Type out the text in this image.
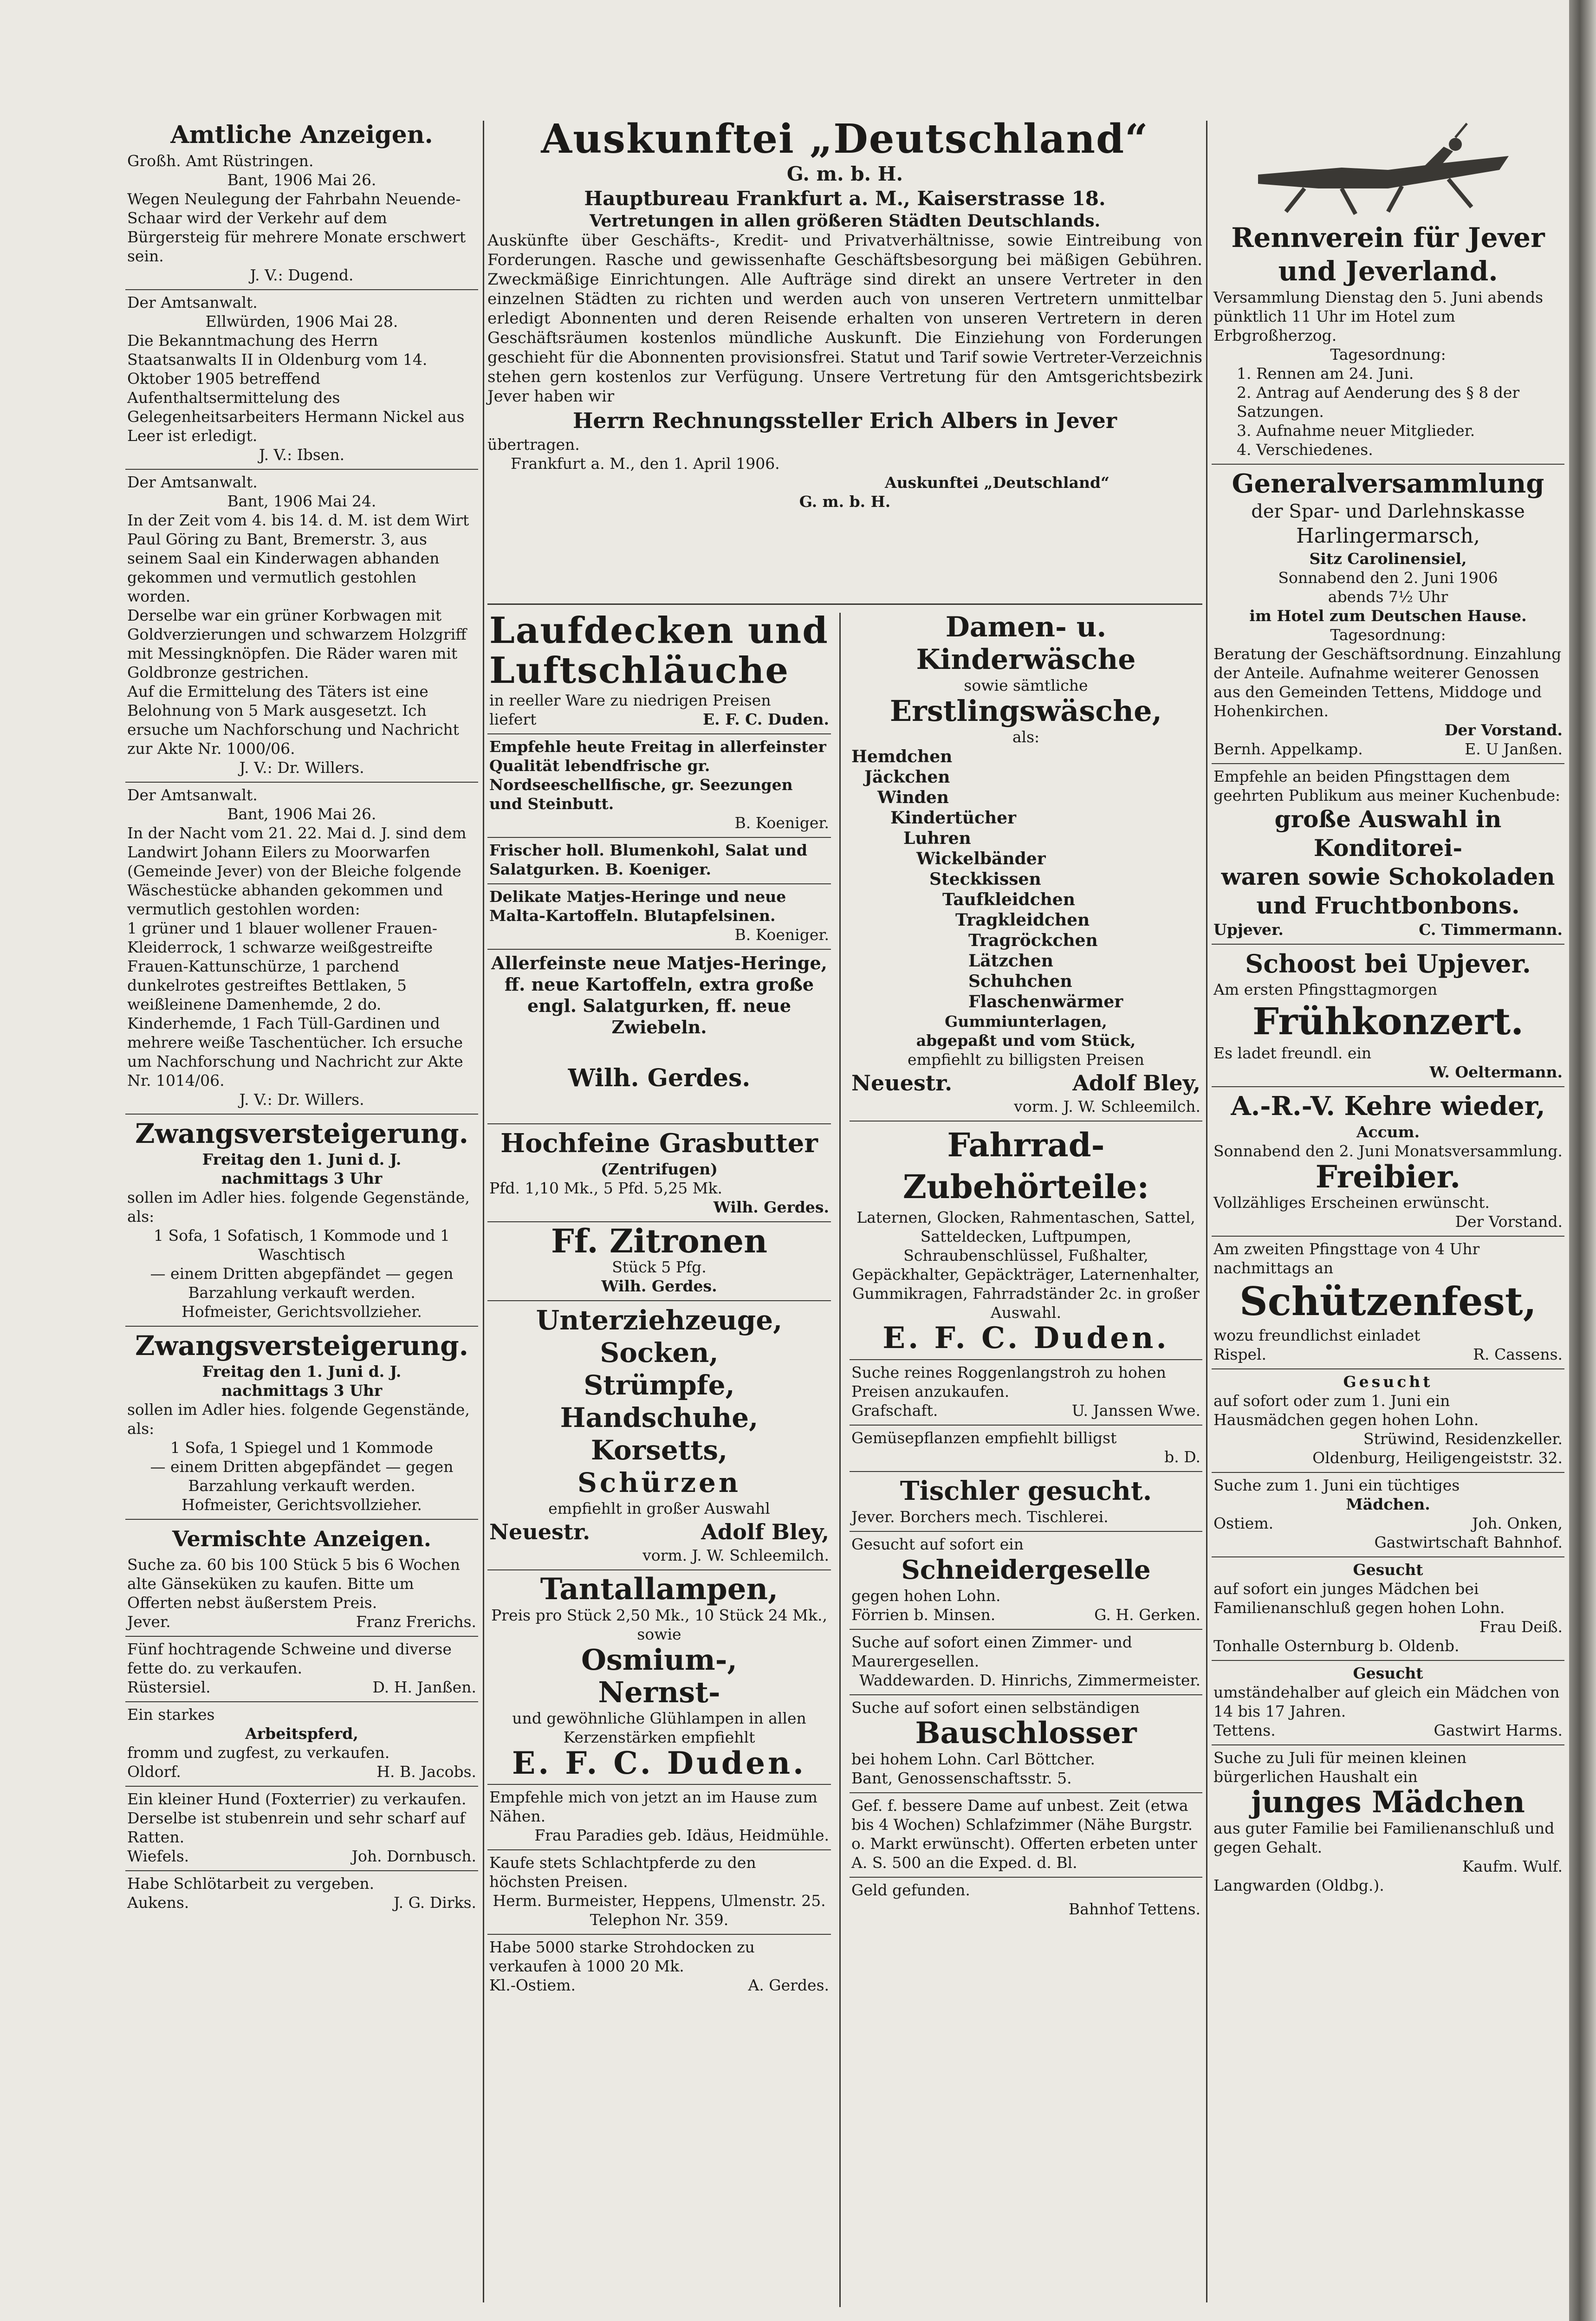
Amtliche Anzeigen.

Großh. Amt Rüstringen.

Bant, 1906 Mai 26.

Wegen Neulegung der Fahrbahn Neuende-Schaar wird der Verkehr auf dem Bürgersteig für mehrere Monate erschwert sein.

J. V.: Dugend.

Der Amtsanwalt.

Ellwürden, 1906 Mai 28.

Die Bekanntmachung des Herrn Staatsanwalts II in Oldenburg vom 14. Oktober 1905 betreffend Aufenthaltsermittelung des Gelegenheitsarbeiters Hermann Nickel aus Leer ist erledigt.

J. V.: Ibsen.

Der Amtsanwalt.

Bant, 1906 Mai 24.

In der Zeit vom 4. bis 14. d. M. ist dem Wirt Paul Göring zu Bant, Bremerstr. 3, aus seinem Saal ein Kinderwagen abhanden gekommen und vermutlich gestohlen worden.

Derselbe war ein grüner Korbwagen mit Goldverzierungen und schwarzem Holzgriff mit Messingknöpfen. Die Räder waren mit Goldbronze gestrichen.

Auf die Ermittelung des Täters ist eine Belohnung von 5 Mark ausgesetzt. Ich ersuche um Nachforschung und Nachricht zur Akte Nr. 1000/06.

J. V.: Dr. Willers.

Der Amtsanwalt.

Bant, 1906 Mai 26.

In der Nacht vom 21. 22. Mai d. J. sind dem Landwirt Johann Eilers zu Moorwarfen (Gemeinde Jever) von der Bleiche folgende Wäschestücke abhanden gekommen und vermutlich gestohlen worden:

1 grüner und 1 blauer wollener Frauen-Kleiderrock, 1 schwarze weißgestreifte Frauen-Kattunschürze, 1 parchend dunkelrotes gestreiftes Bettlaken, 5 weißleinene Damenhemde, 2 do. Kinderhemde, 1 Fach Tüll-Gardinen und mehrere weiße Taschentücher. Ich ersuche um Nachforschung und Nachricht zur Akte Nr. 1014/06.

J. V.: Dr. Willers.

Zwangsversteigerung.

Freitag den 1. Juni d. J.

nachmittags 3 Uhr

sollen im Adler hies. folgende Gegenstände, als:

1 Sofa, 1 Sofatisch, 1 Kommode und 1 Waschtisch

— einem Dritten abgepfändet — gegen Barzahlung verkauft werden.

Hofmeister, Gerichtsvollzieher.

Zwangsversteigerung.

Freitag den 1. Juni d. J.

nachmittags 3 Uhr

sollen im Adler hies. folgende Gegenstände, als:

1 Sofa, 1 Spiegel und 1 Kommode

— einem Dritten abgepfändet — gegen Barzahlung verkauft werden.

Hofmeister, Gerichtsvollzieher.

Vermischte Anzeigen.

Suche za. 60 bis 100 Stück 5 bis 6 Wochen alte Gänseküken zu kaufen. Bitte um Offerten nebst äußerstem Preis.

Jever.	Franz Frerichs.

Fünf hochtragende Schweine und diverse fette do. zu verkaufen.

Rüstersiel.	D. H. Janßen.

Ein starkes

Arbeitspferd,

fromm und zugfest, zu verkaufen.

Oldorf.	H. B. Jacobs.

Ein kleiner Hund (Foxterrier) zu verkaufen. Derselbe ist stubenrein und sehr scharf auf Ratten.

Wiefels.	Joh. Dornbusch.

Habe Schlötarbeit zu vergeben.

Aukens.	J. G. Dirks.
Auskunftei „Deutschland“
G. m. b. H.
Hauptbureau Frankfurt a. M., Kaiserstrasse 18.
Vertretungen in allen größeren Städten Deutschlands.

Auskünfte über Geschäfts-, Kredit- und Privatverhältnisse, sowie Eintreibung von Forderungen. Rasche und gewissenhafte Geschäftsbesorgung bei mäßigen Gebühren. Zweckmäßige Einrichtungen. Alle Aufträge sind direkt an unsere Vertreter in den einzelnen Städten zu richten und werden auch von unseren Vertretern unmittelbar erledigt Abonnenten und deren Reisende erhalten von unseren Vertretern in deren Geschäftsräumen kostenlos mündliche Auskunft. Die Einziehung von Forderungen geschieht für die Abonnenten provisionsfrei. Statut und Tarif sowie Vertreter-Verzeichnis stehen gern kostenlos zur Verfügung. Unsere Vertretung für den Amtsgerichtsbezirk Jever haben wir

Herrn Rechnungssteller Erich Albers in Jever

übertragen.

Frankfurt a. M., den 1. April 1906.

Auskunftei „Deutschland“

G. m. b. H.

Laufdecken und
Luftschläuche

in reeller Ware zu niedrigen Preisen

liefert	E. F. C. Duden.

Empfehle heute Freitag in allerfeinster Qualität lebendfrische gr. Nordseeschellfische, gr. Seezungen und Steinbutt.

B. Koeniger.

Frischer holl. Blumenkohl, Salat und Salatgurken. B. Koeniger.

Delikate Matjes-Heringe und neue Malta-Kartoffeln. Blutapfelsinen.

B. Koeniger.

Allerfeinste neue Matjes-Heringe, ff. neue Kartoffeln, extra große engl. Salatgurken, ff. neue Zwiebeln.

Wilh. Gerdes.

Hochfeine Grasbutter

(Zentrifugen)

Pfd. 1,10 Mk., 5 Pfd. 5,25 Mk.

Wilh. Gerdes.

Ff. Zitronen

Stück 5 Pfg.

Wilh. Gerdes.

Unterziehzeuge,
Socken,
Strümpfe,
Handschuhe,
Korsetts,
Schürzen

empfiehlt in großer Auswahl

Neuestr.	Adolf Bley,

vorm. J. W. Schleemilch.

Tantallampen,

Preis pro Stück 2,50 Mk., 10 Stück 24 Mk., sowie

Osmium-,
Nernst-

und gewöhnliche Glühlampen in allen Kerzenstärken empfiehlt

E. F. C. Duden.

Empfehle mich von jetzt an im Hause zum Nähen.

Frau Paradies geb. Idäus, Heidmühle.

Kaufe stets Schlachtpferde zu den höchsten Preisen.

Herm. Burmeister, Heppens, Ulmenstr. 25. Telephon Nr. 359.

Habe 5000 starke Strohdocken zu verkaufen à 1000 20 Mk.

Kl.-Ostiem.	A. Gerdes.
Damen- u. Kinderwäsche

sowie sämtliche

Erstlingswäsche,

als:

Hemdchen

Jäckchen

Winden

Kindertücher

Luhren

Wickelbänder

Steckkissen

Taufkleidchen

Tragkleidchen

Tragröckchen

Lätzchen

Schuhchen

Flaschenwärmer

Gummiunterlagen,

abgepaßt und vom Stück,

empfiehlt zu billigsten Preisen

Neuestr.	Adolf Bley,

vorm. J. W. Schleemilch.

Fahrrad-
Zubehörteile:

Laternen, Glocken, Rahmentaschen, Sattel, Satteldecken, Luftpumpen, Schraubenschlüssel, Fußhalter, Gepäckhalter, Gepäckträger, Laternenhalter, Gummikragen, Fahrradständer 2c. in großer Auswahl.

E. F. C. Duden.

Suche reines Roggenlangstroh zu hohen Preisen anzukaufen.

Grafschaft.	U. Janssen Wwe.

Gemüsepflanzen empfiehlt billigst

b. D.

Tischler gesucht.

Jever. Borchers mech. Tischlerei.

Gesucht auf sofort ein

Schneidergeselle

gegen hohen Lohn.

Förrien b. Minsen.	G. H. Gerken.

Suche auf sofort einen Zimmer- und Maurergesellen.

Waddewarden. D. Hinrichs, Zimmermeister.

Suche auf sofort einen selbständigen

Bauschlosser

bei hohem Lohn. Carl Böttcher.

Bant, Genossenschaftsstr. 5.

Gef. f. bessere Dame auf unbest. Zeit (etwa bis 4 Wochen) Schlafzimmer (Nähe Burgstr. o. Markt erwünscht). Offerten erbeten unter A. S. 500 an die Exped. d. Bl.

Geld gefunden.

Bahnhof Tettens.

Rennverein für Jever
und Jeverland.

Versammlung Dienstag den 5. Juni abends pünktlich 11 Uhr im Hotel zum Erbgroßherzog.

Tagesordnung:

1. Rennen am 24. Juni.

2. Antrag auf Aenderung des § 8 der Satzungen.

3. Aufnahme neuer Mitglieder.

4. Verschiedenes.

Generalversammlung

der Spar- und Darlehnskasse

Harlingermarsch,

Sitz Carolinensiel,

Sonnabend den 2. Juni 1906

abends 7½ Uhr

im Hotel zum Deutschen Hause.

Tagesordnung:

Beratung der Geschäftsordnung. Einzahlung der Anteile. Aufnahme weiterer Genossen aus den Gemeinden Tettens, Middoge und Hohenkirchen.

Der Vorstand.

Bernh. Appelkamp.	E. U Janßen.

Empfehle an beiden Pfingsttagen dem geehrten Publikum aus meiner Kuchenbude:

große Auswahl in Konditorei-
waren sowie Schokoladen
und Fruchtbonbons.
Upjever.	C. Timmermann.
Schoost bei Upjever.

Am ersten Pfingsttagmorgen

Frühkonzert.

Es ladet freundl. ein

W. Oeltermann.

A.-R.-V. Kehre wieder,

Accum.

Sonnabend den 2. Juni Monatsversammlung.

Freibier.

Vollzähliges Erscheinen erwünscht.

Der Vorstand.

Am zweiten Pfingsttage von 4 Uhr nachmittags an

Schützenfest,

wozu freundlichst einladet

Rispel.	R. Cassens.

Gesucht

auf sofort oder zum 1. Juni ein Hausmädchen gegen hohen Lohn.

Strüwind, Residenzkeller.

Oldenburg, Heiligengeiststr. 32.

Suche zum 1. Juni ein tüchtiges

Mädchen.

Ostiem.	Joh. Onken,

Gastwirtschaft Bahnhof.

Gesucht

auf sofort ein junges Mädchen bei Familienanschluß gegen hohen Lohn.

Frau Deiß.

Tonhalle Osternburg b. Oldenb.

Gesucht

umständehalber auf gleich ein Mädchen von 14 bis 17 Jahren.

Tettens.	Gastwirt Harms.

Suche zu Juli für meinen kleinen bürgerlichen Haushalt ein

junges Mädchen

aus guter Familie bei Familienanschluß und gegen Gehalt.

Kaufm. Wulf.

Langwarden (Oldbg.).
